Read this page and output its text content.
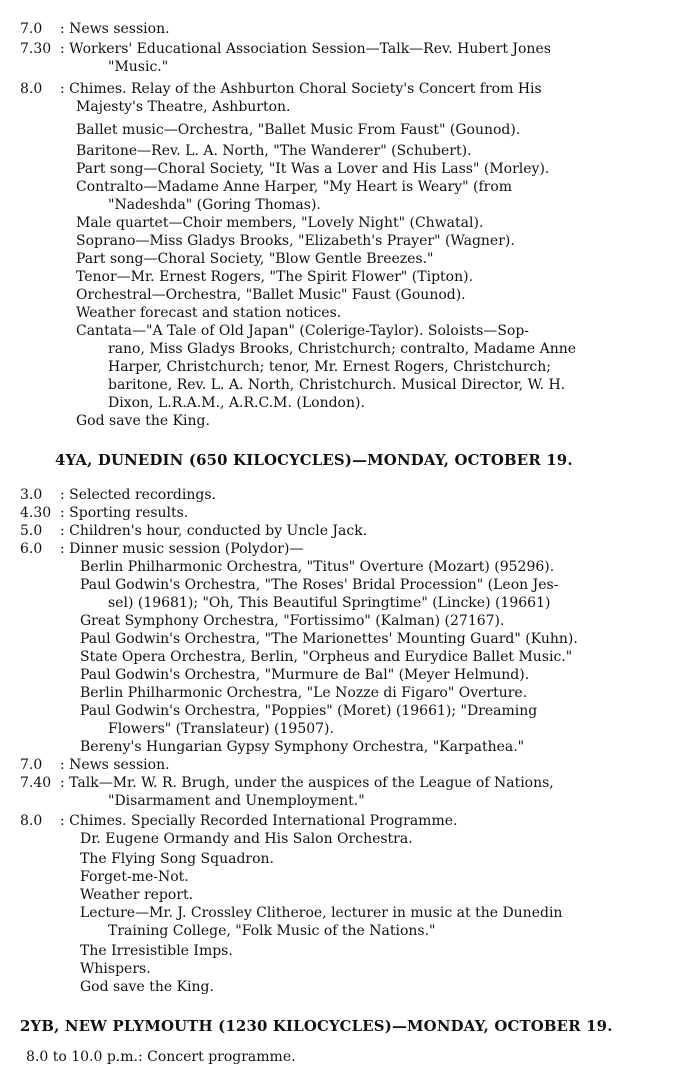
7.0	: News session.
7.30 : Workers' Educational Association Session—Talk—Rev. Hubert Jones
"Music."
8.0	: Chimes. Relay of the Ashburton Choral Society's Concert from His
Majesty's Theatre, Ashburton.
Ballet music—Orchestra, "Ballet Music From Faust" (Gounod).
Baritone—Rev. L. A. North, "The Wanderer" (Schubert).
Part song—Choral Society, "It Was a Lover and His Lass" (Morley).
Contralto—Madame Anne Harper, "My Heart is Weary" (from
"Nadeshda" (Goring Thomas).
Male quartet—Choir members, "Lovely Night" (Chwatal).
Soprano—Miss Gladys Brooks, "Elizabeth's Prayer" (Wagner).
Part song—Choral Society, "Blow Gentle Breezes."
Tenor—Mr. Ernest Rogers, "The Spirit Flower" (Tipton).
Orchestral—Orchestra, "Ballet Music" Faust (Gounod).
Weather forecast and station notices.
Cantata—"A Tale of Old Japan" (Colerige-Taylor). Soloists—Sop-
rano, Miss Gladys Brooks, Christchurch; contralto, Madame Anne
Harper, Christchurch; tenor, Mr. Ernest Rogers, Christchurch;
baritone, Rev. L. A. North, Christchurch. Musical Director, W. H.
Dixon, L.R.A.M., A.R.C.M. (London).
God save the King.
4YA, DUNEDIN (650 KILOCYCLES)—MONDAY, OCTOBER 19.
3.0	: Selected recordings.
4.30 : Sporting results.
5.0	: Children's hour, conducted by Uncle Jack.
6.0	: Dinner music session (Polydor)—
Berlin Philharmonic Orchestra, "Titus" Overture (Mozart) (95296).
Paul Godwin's Orchestra, "The Roses' Bridal Procession" (Leon Jes-
sel) (19681); "Oh, This Beautiful Springtime" (Lincke) (19661)
Great Symphony Orchestra, "Fortissimo" (Kalman) (27167).
Paul Godwin's Orchestra, "The Marionettes' Mounting Guard" (Kuhn).
State Opera Orchestra, Berlin, "Orpheus and Eurydice Ballet Music."
Paul Godwin's Orchestra, "Murmure de Bal" (Meyer Helmund).
Berlin Philharmonic Orchestra, "Le Nozze di Figaro" Overture.
Paul Godwin's Orchestra, "Poppies" (Moret) (19661); "Dreaming
Flowers" (Translateur) (19507).
Bereny's Hungarian Gypsy Symphony Orchestra, "Karpathea."
7.0	: News session.
7.40 : Talk—Mr. W. R. Brugh, under the auspices of the League of Nations,
"Disarmament and Unemployment."
8.0	: Chimes. Specially Recorded International Programme.
Dr. Eugene Ormandy and His Salon Orchestra.
The Flying Song Squadron.
Forget-me-Not.
Weather report.
Lecture—Mr. J. Crossley Clitheroe, lecturer in music at the Dunedin
Training College, "Folk Music of the Nations."
The Irresistible Imps.
Whispers.
God save the King.
2YB, NEW PLYMOUTH (1230 KILOCYCLES)—MONDAY, OCTOBER 19.
8.0 to 10.0 p.m.: Concert programme.
